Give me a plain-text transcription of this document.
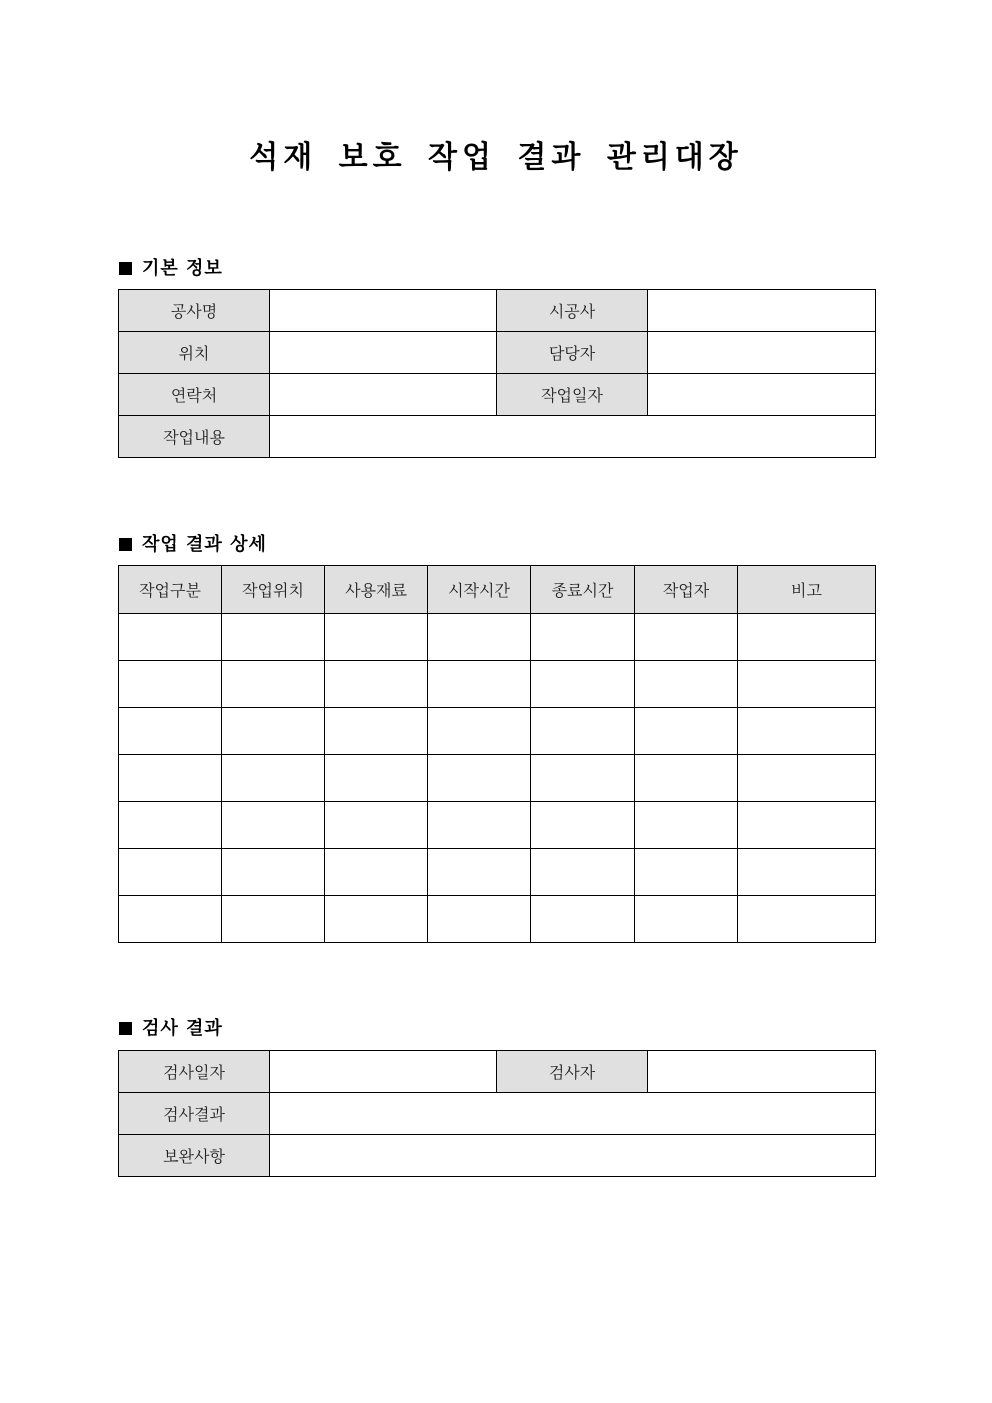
석재 보호 작업 결과 관리대장
기본 정보
공사명		시공사	
위치		담당자	
연락처		작업일자	
작업내용			
작업 결과 상세
작업구분	작업위치	사용재료	시작시간	종료시간	작업자	비고

검사 결과
검사일자		검사자	
검사결과			
보완사항			
